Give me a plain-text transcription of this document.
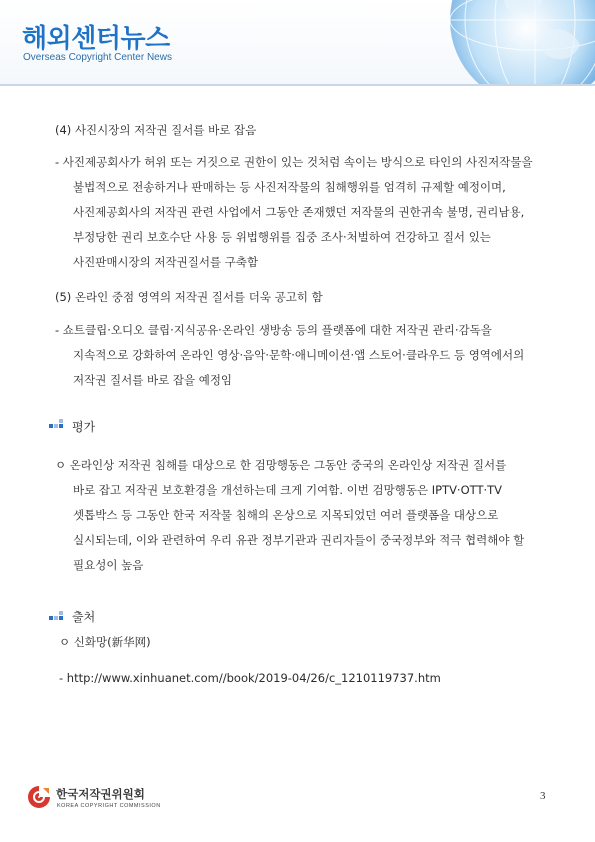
해외센터뉴스
Overseas Copyright Center News
(4) 사진시장의 저작권 질서를 바로 잡음
- 사진제공회사가 허위 또는 거짓으로 권한이 있는 것처럼 속이는 방식으로 타인의 사진저작물을
불법적으로 전송하거나 판매하는 등 사진저작물의 침해행위를 엄격히 규제할 예정이며,
사진제공회사의 저작권 관련 사업에서 그동안 존재했던 저작물의 권한귀속 불명, 권리남용,
부정당한 권리 보호수단 사용 등 위법행위를 집중 조사·처벌하여 건강하고 질서 있는
사진판매시장의 저작권질서를 구축함
(5) 온라인 중점 영역의 저작권 질서를 더욱 공고히 함
- 쇼트클립·오디오 클립·지식공유·온라인 생방송 등의 플랫폼에 대한 저작권 관리·감독을
지속적으로 강화하여 온라인 영상·음악·문학·애니메이션·앱 스토어·클라우드 등 영역에서의
저작권 질서를 바로 잡을 예정임
평가
ㅇ 온라인상 저작권 침해를 대상으로 한 검망행동은 그동안 중국의 온라인상 저작권 질서를
바로 잡고 저작권 보호환경을 개선하는데 크게 기여함. 이번 검망행동은 IPTV·OTT·TV
셋톱박스 등 그동안 한국 저작물 침해의 온상으로 지목되었던 여러 플랫폼을 대상으로
실시되는데, 이와 관련하여 우리 유관 정부기관과 권리자들이 중국정부와 적극 협력해야 할
필요성이 높음
출처
ㅇ 신화망(新华网)
- http://www.xinhuanet.com//book/2019-04/26/c_1210119737.htm
한국저작권위원회
KOREA COPYRIGHT COMMISSION
3
